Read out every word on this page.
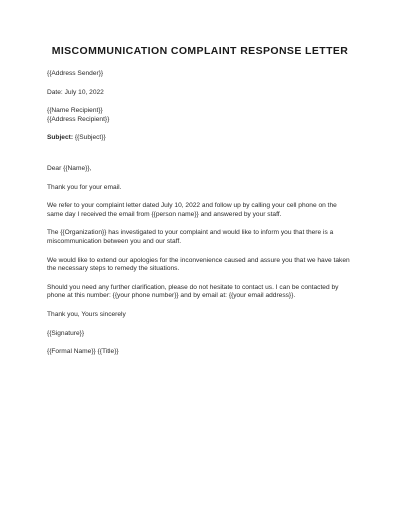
MISCOMMUNICATION COMPLAINT RESPONSE LETTER
{{Address Sender}}
Date: July 10, 2022
{{Name Recipient}}
{{Address Recipient}}
Subject: {{Subject}}
Dear {{Name}},
Thank you for your email.
We refer to your complaint letter dated July 10, 2022 and follow up by calling your cell phone on the
same day I received the email from {{person name}} and answered by your staff.
The {{Organization}} has investigated to your complaint and would like to inform you that there is a
miscommunication between you and our staff.
We would like to extend our apologies for the inconvenience caused and assure you that we have taken
the necessary steps to remedy the situations.
Should you need any further clarification, please do not hesitate to contact us. I can be contacted by
phone at this number: {{your phone number}} and by email at: {{your email address}}.
Thank you, Yours sincerely
{{Signature}}
{{Formal Name}} {{Title}}
